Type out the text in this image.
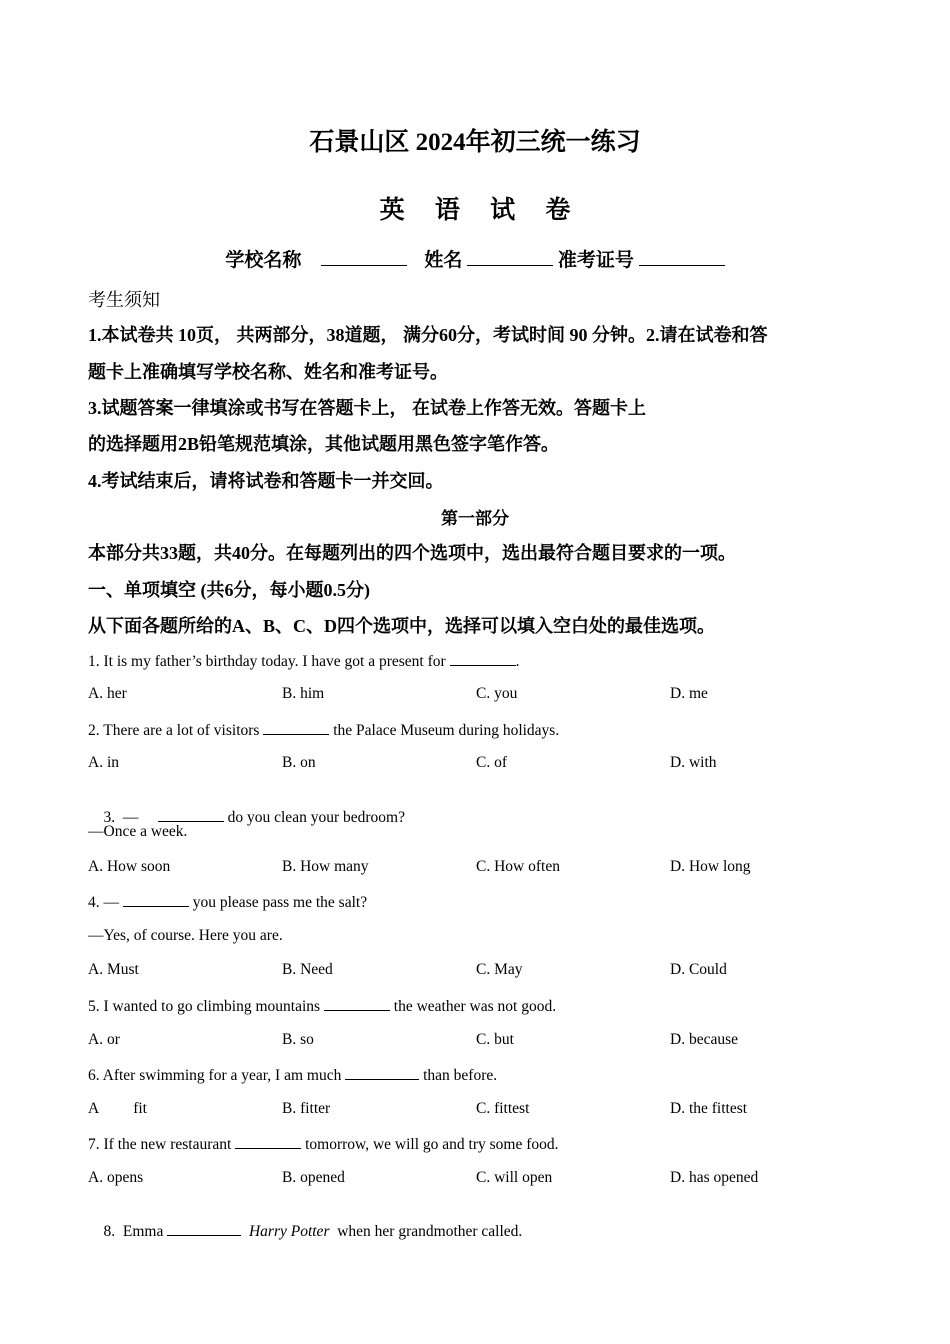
石景山区 2024年初三统一练习
英 语 试 卷
学校名称	姓名	准考证号
考生须知
1.本试卷共 10页， 共两部分，38道题， 满分60分，考试时间 90 分钟。2.请在试卷和答
题卡上准确填写学校名称、姓名和准考证号。
3.试题答案一律填涂或书写在答题卡上， 在试卷上作答无效。答题卡上
的选择题用2B铅笔规范填涂，其他试题用黑色签字笔作答。
4.考试结束后，请将试卷和答题卡一并交回。
第一部分
本部分共33题，共40分。在每题列出的四个选项中，选出最符合题目要求的一项。
一、单项填空 (共6分，每小题0.5分)
从下面各题所给的A、B、C、D四个选项中，选择可以填入空白处的最佳选项。
1. It is my father’s birthday today. I have got a present for	.
A. her	B. him	C. you	D. me
2. There are a lot of visitors	the Palace Museum during holidays.
A. in	B. on	C. of	D. with

3.  —	do you clean your bedroom?

—Once a week.
A. How soon	B. How many	C. How often	D. How long
4. —	you please pass me the salt?
—Yes, of course. Here you are.
A. Must	B. Need	C. May	D. Could
5. I wanted to go climbing mountains	the weather was not good.
A. or	B. so	C. but	D. because
6. After swimming for a year, I am much	than before.
A         fit	B. fitter	C. fittest	D. the fittest
7. If the new restaurant	tomorrow, we will go and try some food.
A. opens	B. opened	C. will open	D. has opened

8.  Emma	Harry Potter  when her grandmother called.
